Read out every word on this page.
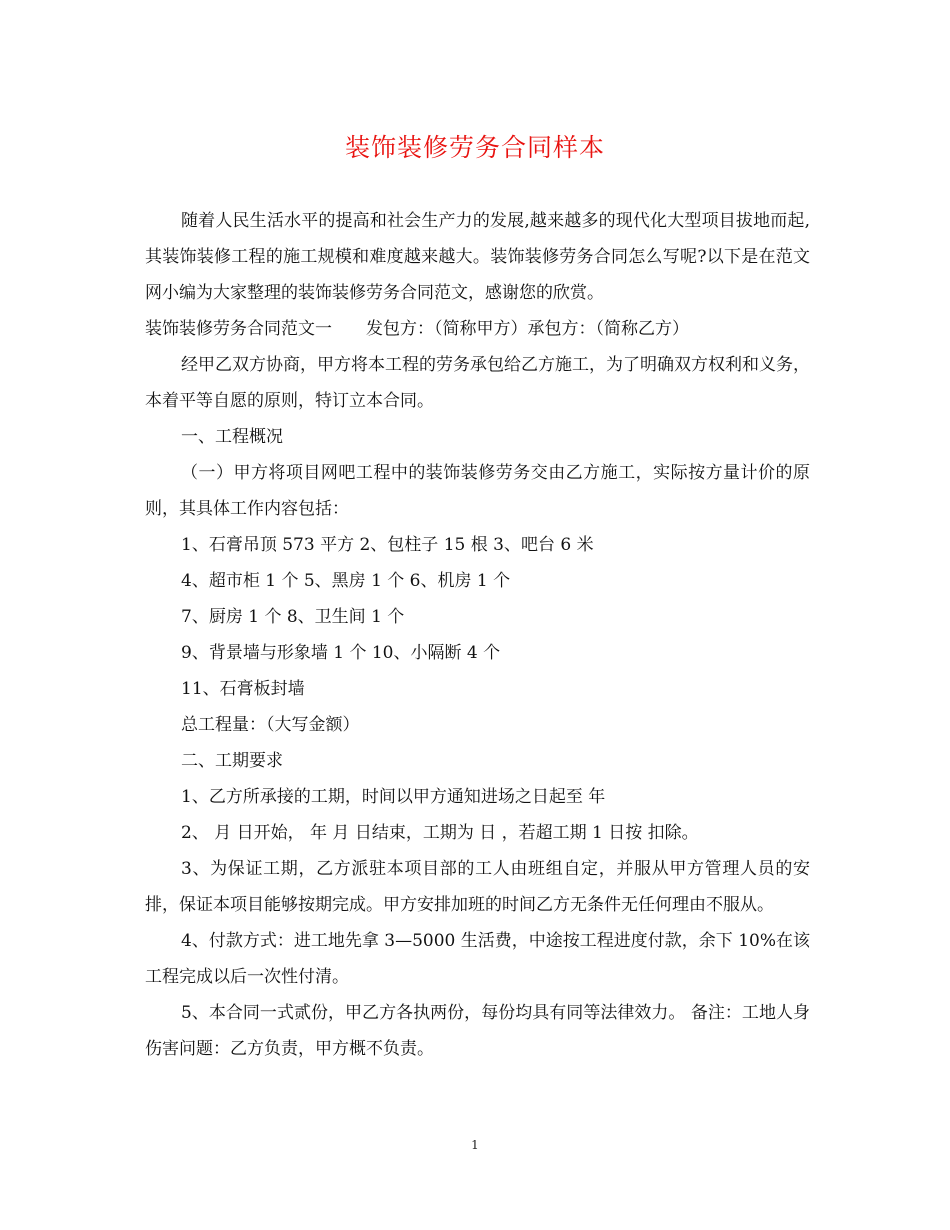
装饰装修劳务合同样本

随着人民生活水平的提高和社会生产力的发展,越来越多的现代化大型项目拔地而起,其装饰装修工程的施工规模和难度越来越大。装饰装修劳务合同怎么写呢?以下是在范文网小编为大家整理的装饰装修劳务合同范文，感谢您的欣赏。

装饰装修劳务合同范文一　　发包方：（简称甲方）承包方：（简称乙方）

经甲乙双方协商，甲方将本工程的劳务承包给乙方施工，为了明确双方权利和义务，本着平等自愿的原则，特订立本合同。

一、工程概况

（一）甲方将项目网吧工程中的装饰装修劳务交由乙方施工，实际按方量计价的原则，其具体工作内容包括：

1、石膏吊顶 573 平方 2、包柱子 15 根 3、吧台 6 米

4、超市柜 1 个 5、黑房 1 个 6、机房 1 个

7、厨房 1 个 8、卫生间 1 个

9、背景墙与形象墙 1 个 10、小隔断 4 个

11、石膏板封墙

总工程量：（大写金额）

二、工期要求

1、乙方所承接的工期，时间以甲方通知进场之日起至 年

2、 月 日开始， 年 月 日结束，工期为 日 ，若超工期 1 日按 扣除。

3、为保证工期，乙方派驻本项目部的工人由班组自定，并服从甲方管理人员的安排，保证本项目能够按期完成。甲方安排加班的时间乙方无条件无任何理由不服从。

4、付款方式：进工地先拿 3—5000 生活费，中途按工程进度付款，余下 10%在该工程完成以后一次性付清。

5、本合同一式贰份，甲乙方各执两份，每份均具有同等法律效力。 备注：工地人身伤害问题：乙方负责，甲方概不负责。

1
